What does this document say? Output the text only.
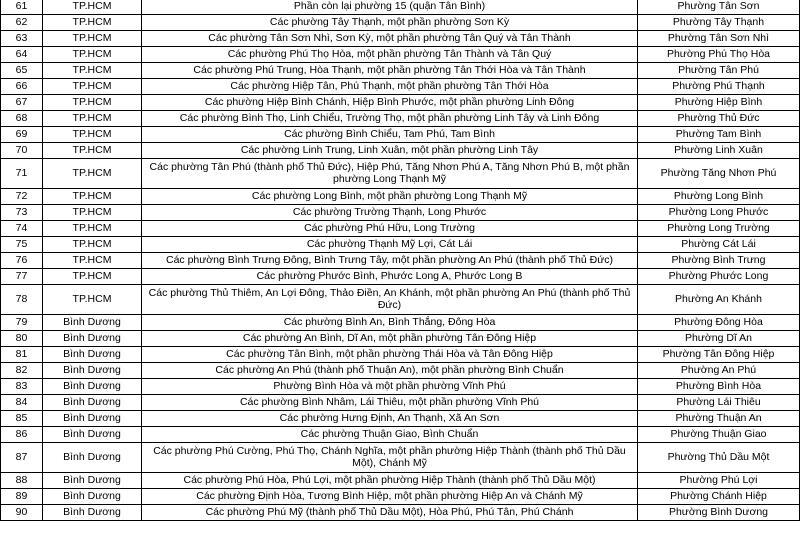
61	TP.HCM	Phần còn lại phường 15 (quận Tân Bình)	Phường Tân Sơn
62	TP.HCM	Các phường Tây Thạnh, một phần phường Sơn Kỳ	Phường Tây Thạnh
63	TP.HCM	Các phường Tân Sơn Nhì, Sơn Kỳ, một phần phường Tân Quý và Tân Thành	Phường Tân Sơn Nhì
64	TP.HCM	Các phường Phú Thọ Hòa, một phần phường Tân Thành và Tân Quý	Phường Phú Thọ Hòa
65	TP.HCM	Các phường Phú Trung, Hòa Thạnh, một phần phường Tân Thới Hòa và Tân Thành	Phường Tân Phú
66	TP.HCM	Các phường Hiệp Tân, Phú Thạnh, một phần phường Tân Thới Hòa	Phường Phú Thạnh
67	TP.HCM	Các phường Hiệp Bình Chánh, Hiệp Bình Phước, một phần phường Linh Đông	Phường Hiệp Bình
68	TP.HCM	Các phường Bình Thọ, Linh Chiểu, Trường Thọ, một phần phường Linh Tây và Linh Đông	Phường Thủ Đức
69	TP.HCM	Các phường Bình Chiểu, Tam Phú, Tam Bình	Phường Tam Bình
70	TP.HCM	Các phường Linh Trung, Linh Xuân, một phần phường Linh Tây	Phường Linh Xuân
71	TP.HCM	Các phường Tân Phú (thành phố Thủ Đức), Hiệp Phú, Tăng Nhơn Phú A, Tăng Nhơn Phú B, một phần phường Long Thạnh Mỹ	Phường Tăng Nhơn Phú
72	TP.HCM	Các phường Long Bình, một phần phường Long Thạnh Mỹ	Phường Long Bình
73	TP.HCM	Các phường Trường Thạnh, Long Phước	Phường Long Phước
74	TP.HCM	Các phường Phú Hữu, Long Trường	Phường Long Trường
75	TP.HCM	Các phường Thạnh Mỹ Lợi, Cát Lái	Phường Cát Lái
76	TP.HCM	Các phường Bình Trưng Đông, Bình Trưng Tây, một phần phường An Phú (thành phố Thủ Đức)	Phường Bình Trưng
77	TP.HCM	Các phường Phước Bình, Phước Long A, Phước Long B	Phường Phước Long
78	TP.HCM	Các phường Thủ Thiêm, An Lợi Đông, Thảo Điền, An Khánh, một phần phường An Phú (thành phố Thủ Đức)	Phường An Khánh
79	Bình Dương	Các phường Bình An, Bình Thắng, Đông Hòa	Phường Đông Hòa
80	Bình Dương	Các phường An Bình, Dĩ An, một phần phường Tân Đông Hiệp	Phường Dĩ An
81	Bình Dương	Các phường Tân Bình, một phần phường Thái Hòa và Tân Đông Hiệp	Phường Tân Đông Hiệp
82	Bình Dương	Các phường An Phú (thành phố Thuận An), một phần phường Bình Chuẩn	Phường An Phú
83	Bình Dương	Phường Bình Hòa và một phần phường Vĩnh Phú	Phường Bình Hòa
84	Bình Dương	Các phường Bình Nhâm, Lái Thiêu, một phần phường Vĩnh Phú	Phường Lái Thiêu
85	Bình Dương	Các phường Hưng Định, An Thạnh, Xã An Sơn	Phường Thuận An
86	Bình Dương	Các phường Thuận Giao, Bình Chuẩn	Phường Thuận Giao
87	Bình Dương	Các phường Phú Cường, Phú Thọ, Chánh Nghĩa, một phần phường Hiệp Thành (thành phố Thủ Dầu Một), Chánh Mỹ	Phường Thủ Dầu Một
88	Bình Dương	Các phường Phú Hòa, Phú Lợi, một phần phường Hiệp Thành (thành phố Thủ Dầu Một)	Phường Phú Lợi
89	Bình Dương	Các phường Định Hòa, Tương Bình Hiệp, một phần phường Hiệp An và Chánh Mỹ	Phường Chánh Hiệp
90	Bình Dương	Các phường Phú Mỹ (thành phố Thủ Dầu Một), Hòa Phú, Phú Tân, Phú Chánh	Phường Bình Dương
